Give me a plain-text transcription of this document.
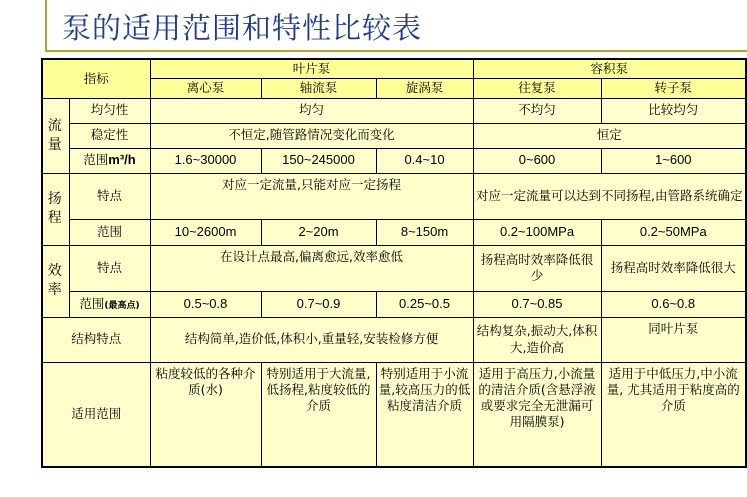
泵的适用范围和特性比较表
指标		叶片泵			容积泵	
		离心泵	轴流泵	旋涡泵	往复泵	转子泵
流量	均匀性	均匀			不均匀	比较均匀
	稳定性	不恒定,随管路情况变化而变化			恒定	
	范围m³/h	1.6~30000	150~245000	0.4~10	0~600	1~600
扬程	特点	对应一定流量,只能对应一定扬程			对应一定流量可以达到不同扬程,由管路系统确定	
	范围	10~2600m	2~20m	8~150m	0.2~100MPa	0.2~50MPa
效率	特点	在设计点最高,偏离愈远,效率愈低			扬程高时效率降低很少	扬程高时效率降低很大
	范围(最高点)	0.5~0.8	0.7~0.9	0.25~0.5	0.7~0.85	0.6~0.8
结构特点		结构简单,造价低,体积小,重量轻,安装检修方便			结构复杂,振动大,体积大,造价高	同叶片泵
适用范围		粘度较低的各种介质(水)	特别适用于大流量,低扬程,粘度较低的介质	特别适用于小流量,较高压力的低粘度清洁介质	适用于高压力,小流量的清洁介质(含悬浮液或要求完全无泄漏可用隔膜泵)	适用于中低压力,中小流量, 尤其适用于粘度高的介质
